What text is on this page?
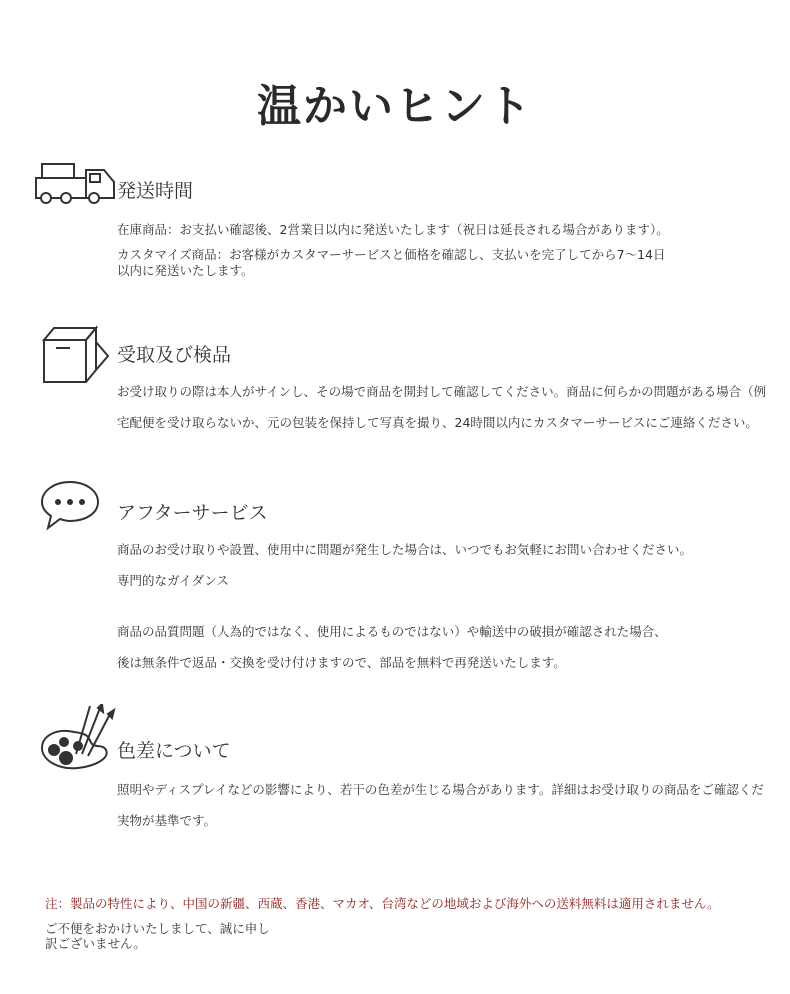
温かいヒント
発送時間
在庫商品：お支払い確認後、2営業日以内に発送いたします（祝日は延長される場合があります）。
カスタマイズ商品：お客様がカスタマーサービスと価格を確認し、支払いを完了してから7〜14日
以内に発送いたします。
受取及び検品
お受け取りの際は本人がサインし、その場で商品を開封して確認してください。商品に何らかの問題がある場合（例
宅配便を受け取らないか、元の包装を保持して写真を撮り、24時間以内にカスタマーサービスにご連絡ください。
アフターサービス
商品のお受け取りや設置、使用中に問題が発生した場合は、いつでもお気軽にお問い合わせください。
専門的なガイダンス
商品の品質問題（人為的ではなく、使用によるものではない）や輸送中の破損が確認された場合、
後は無条件で返品・交換を受け付けますので、部品を無料で再発送いたします。
色差について
照明やディスプレイなどの影響により、若干の色差が生じる場合があります。詳細はお受け取りの商品をご確認くだ
実物が基準です。
注：製品の特性により、中国の新疆、西蔵、香港、マカオ、台湾などの地域および海外への送料無料は適用されません。
ご不便をおかけいたしまして、誠に申し
訳ございません。
